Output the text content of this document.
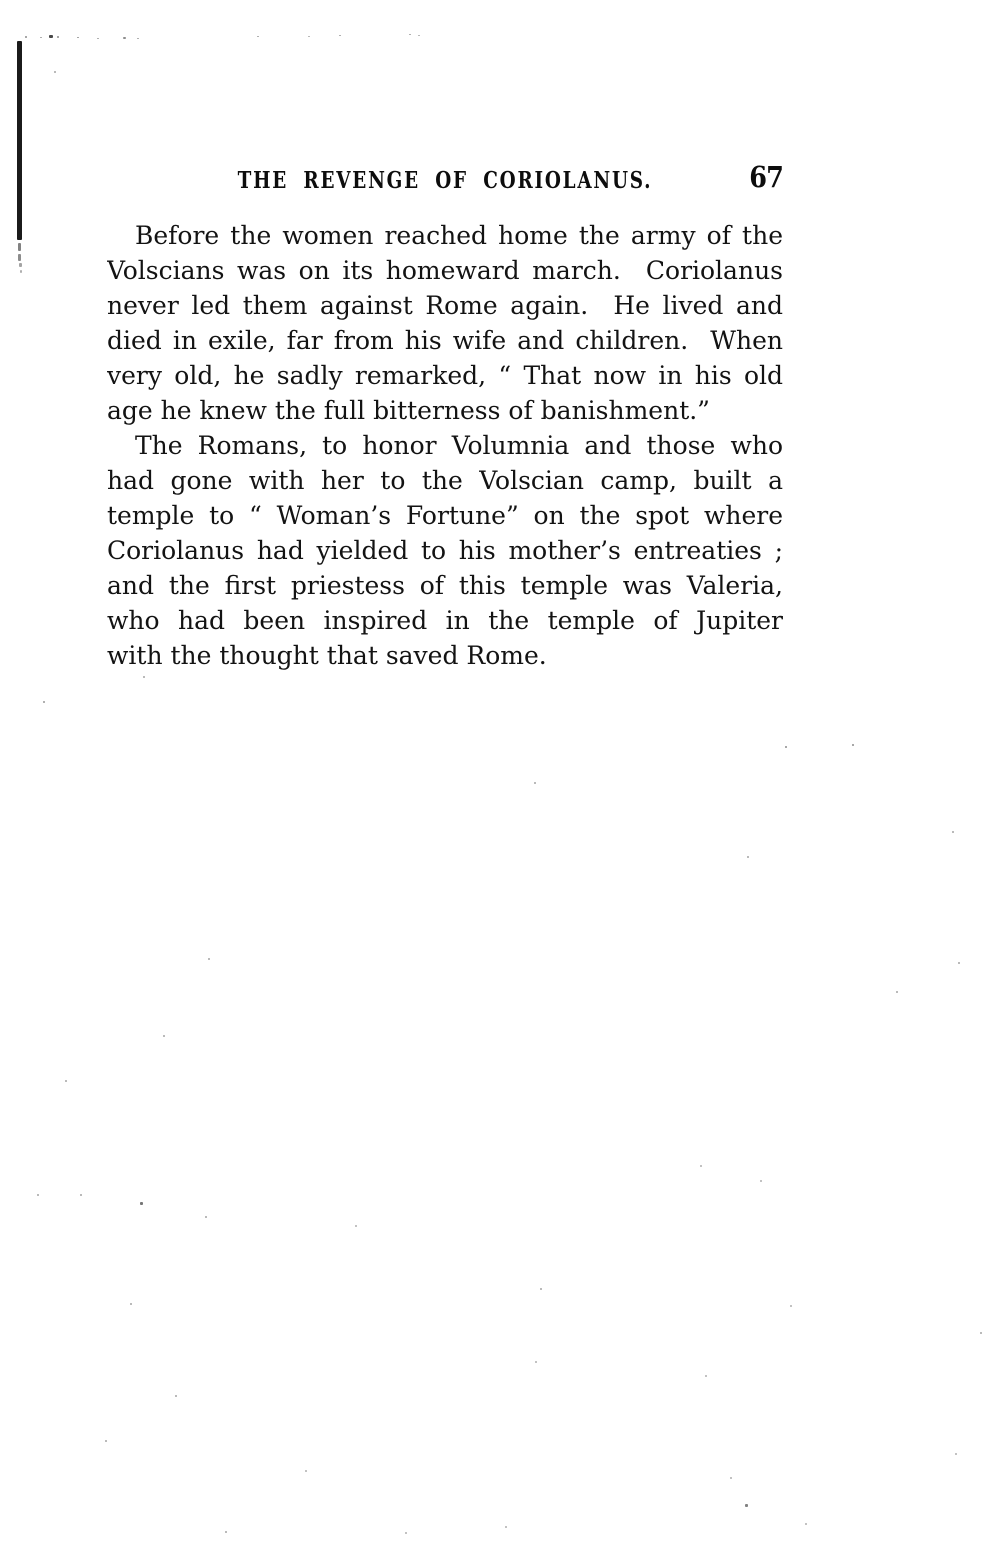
THE REVENGE OF CORIOLANUS.	67
Before the women reached home the army of the
Volscians was on its homeward march.  Coriolanus
never led them against Rome again.  He lived and
died in exile, far from his wife and children.  When
very old, he sadly remarked, “ That now in his old
age he knew the full bitterness of banishment.”
The Romans, to honor Volumnia and those who
had gone with her to the Volscian camp, built a
temple to “ Woman’s Fortune” on the spot where
Coriolanus had yielded to his mother’s entreaties ;
and the first priestess of this temple was Valeria,
who had been inspired in the temple of Jupiter
with the thought that saved Rome.
